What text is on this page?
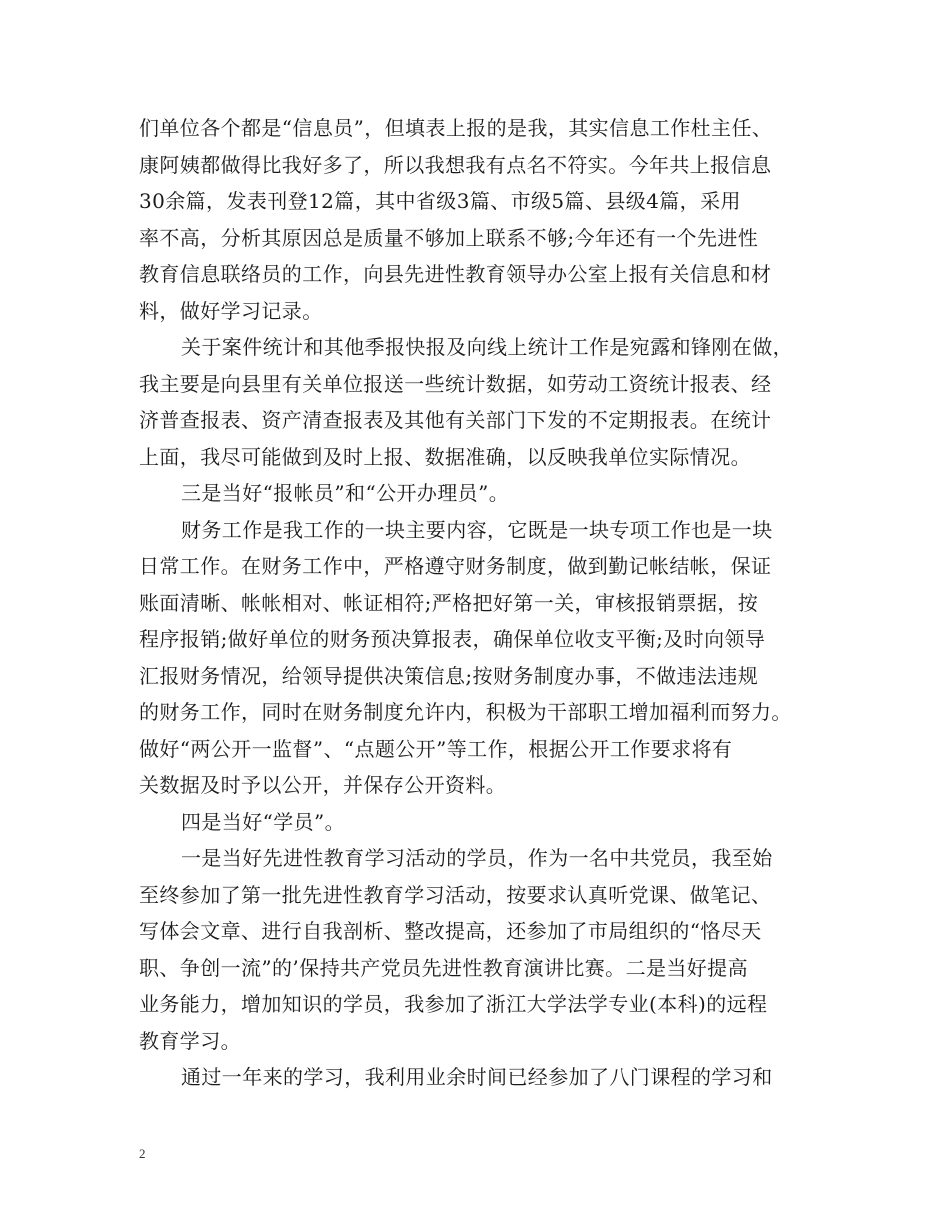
们单位各个都是“信息员”，但填表上报的是我，其实信息工作杜主任、
康阿姨都做得比我好多了，所以我想我有点名不符实。今年共上报信息
30余篇，发表刊登12篇，其中省级3篇、市级5篇、县级4篇，采用
率不高，分析其原因总是质量不够加上联系不够;今年还有一个先进性
教育信息联络员的工作，向县先进性教育领导办公室上报有关信息和材
料，做好学习记录。
关于案件统计和其他季报快报及向线上统计工作是宛露和锋刚在做，
我主要是向县里有关单位报送一些统计数据，如劳动工资统计报表、经
济普查报表、资产清查报表及其他有关部门下发的不定期报表。在统计
上面，我尽可能做到及时上报、数据准确，以反映我单位实际情况。
三是当好“报帐员”和“公开办理员”。
财务工作是我工作的一块主要内容，它既是一块专项工作也是一块
日常工作。在财务工作中，严格遵守财务制度，做到勤记帐结帐，保证
账面清晰、帐帐相对、帐证相符;严格把好第一关，审核报销票据，按
程序报销;做好单位的财务预决算报表，确保单位收支平衡;及时向领导
汇报财务情况，给领导提供决策信息;按财务制度办事，不做违法违规
的财务工作，同时在财务制度允许内，积极为干部职工增加福利而努力。
做好“两公开一监督”、“点题公开”等工作，根据公开工作要求将有
关数据及时予以公开，并保存公开资料。
四是当好“学员”。
一是当好先进性教育学习活动的学员，作为一名中共党员，我至始
至终参加了第一批先进性教育学习活动，按要求认真听党课、做笔记、
写体会文章、进行自我剖析、整改提高，还参加了市局组织的“恪尽天
职、争创一流”的’保持共产党员先进性教育演讲比赛。二是当好提高
业务能力，增加知识的学员，我参加了浙江大学法学专业(本科)的远程
教育学习。
通过一年来的学习，我利用业余时间已经参加了八门课程的学习和
2
